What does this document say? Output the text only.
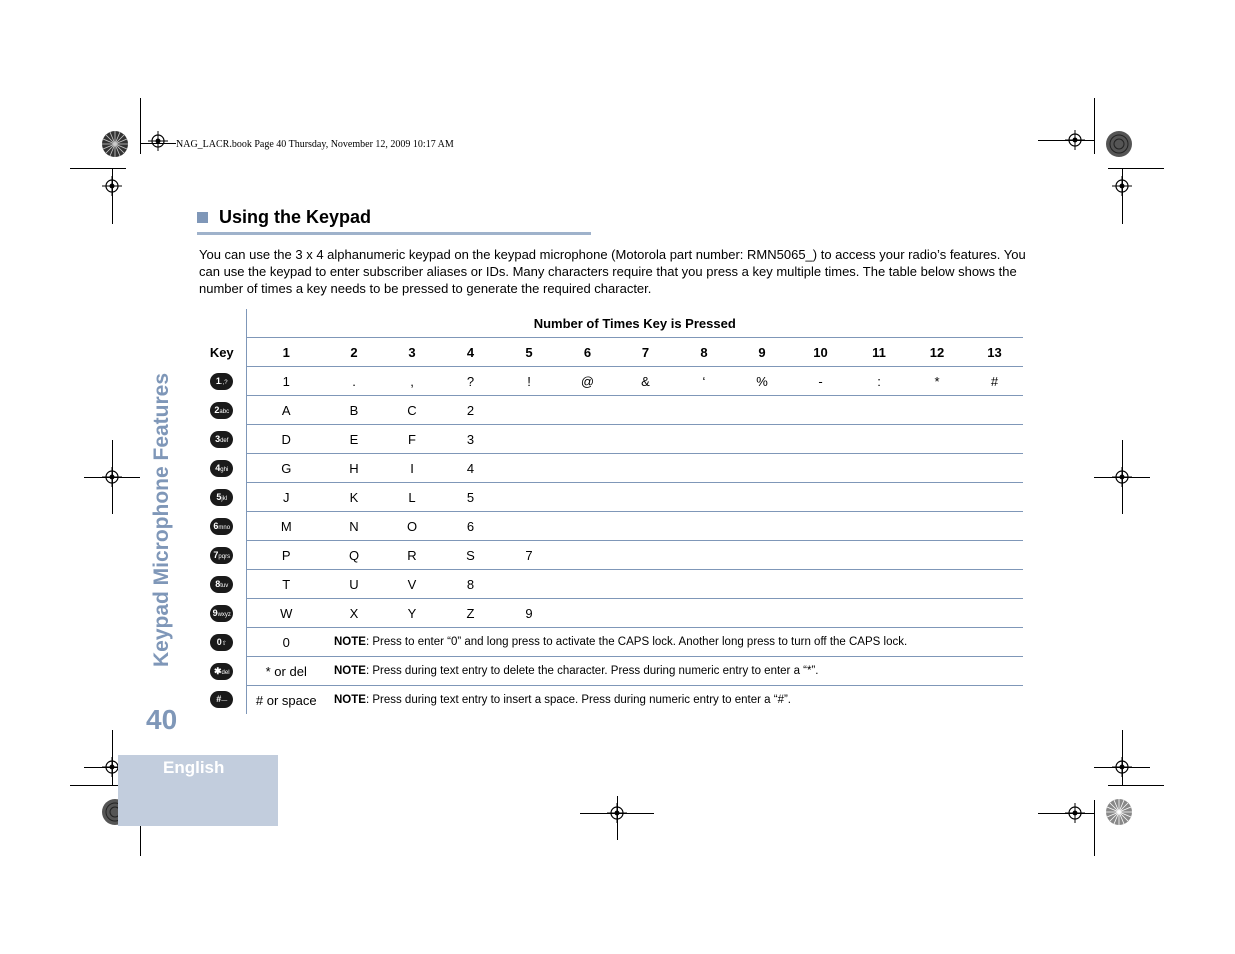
NAG_LACR.book Page 40 Thursday, November 12, 2009 10:17 AM
Keypad Microphone Features
40
English
Using the Keypad

You can use the 3 x 4 alphanumeric keypad on the keypad microphone (Motorola part number: RMN5065_) to access your radio’s features. You can use the keypad to enter subscriber aliases or IDs. Many characters require that you press a key multiple times. The table below shows the number of times a key needs to be pressed to generate the required character.

	Number of Times Key is Pressed												
Key	1	2	3	4	5	6	7	8	9	10	11	12	13
1.,?	1	.	,	?	!	@	&	‘	%	-	:	*	#
2abc	A	B	C	2									
3def	D	E	F	3									
4ghi	G	H	I	4									
5jkl	J	K	L	5									
6mno	M	N	O	6									
7pqrs	P	Q	R	S	7								
8tuv	T	U	V	8									
9wxyz	W	X	Y	Z	9								
0⇧	0	NOTE: Press to enter “0” and long press to activate the CAPS lock. Another long press to turn off the CAPS lock.											
✱del	* or del	NOTE: Press during text entry to delete the character. Press during numeric entry to enter a “*”.											
#—	# or space	NOTE: Press during text entry to insert a space. Press during numeric entry to enter a “#”.											
